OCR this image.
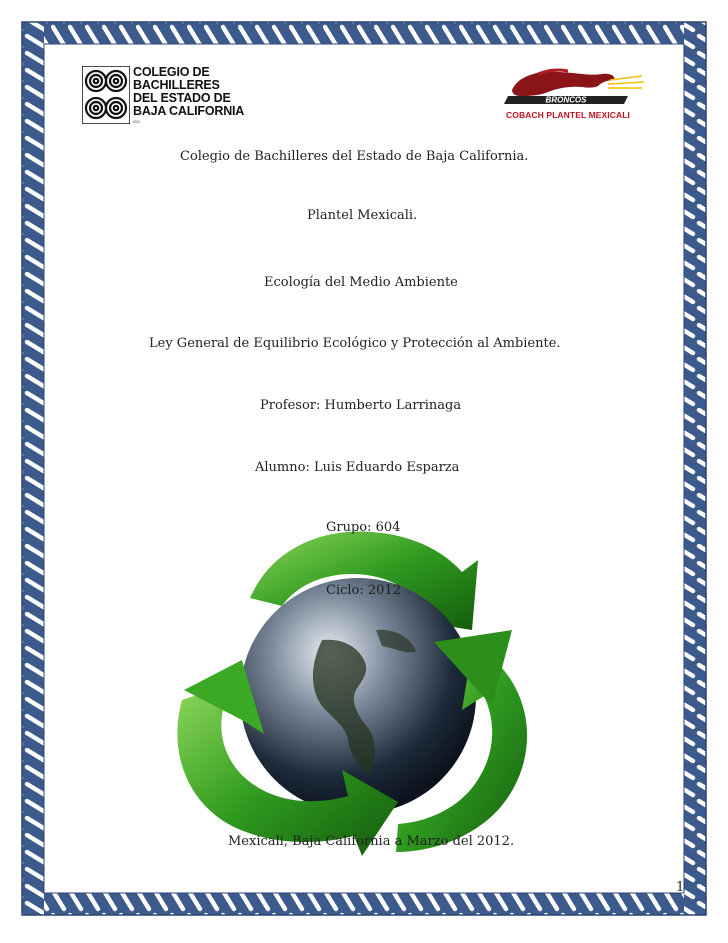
COLEGIO DE
BACHILLERES
DEL ESTADO DE
BAJA CALIFORNIA
ISO
BRONCOS
COBACH PLANTEL MEXICALI
Colegio de Bachilleres del Estado de Baja California.
Plantel Mexicali.
Ecología del Medio Ambiente
Ley General de Equilibrio Ecológico y Protección al Ambiente.
Profesor: Humberto Larrinaga
Alumno: Luis Eduardo Esparza
Grupo: 604
Ciclo: 2012
Mexicali, Baja California a Marzo del 2012.
1
